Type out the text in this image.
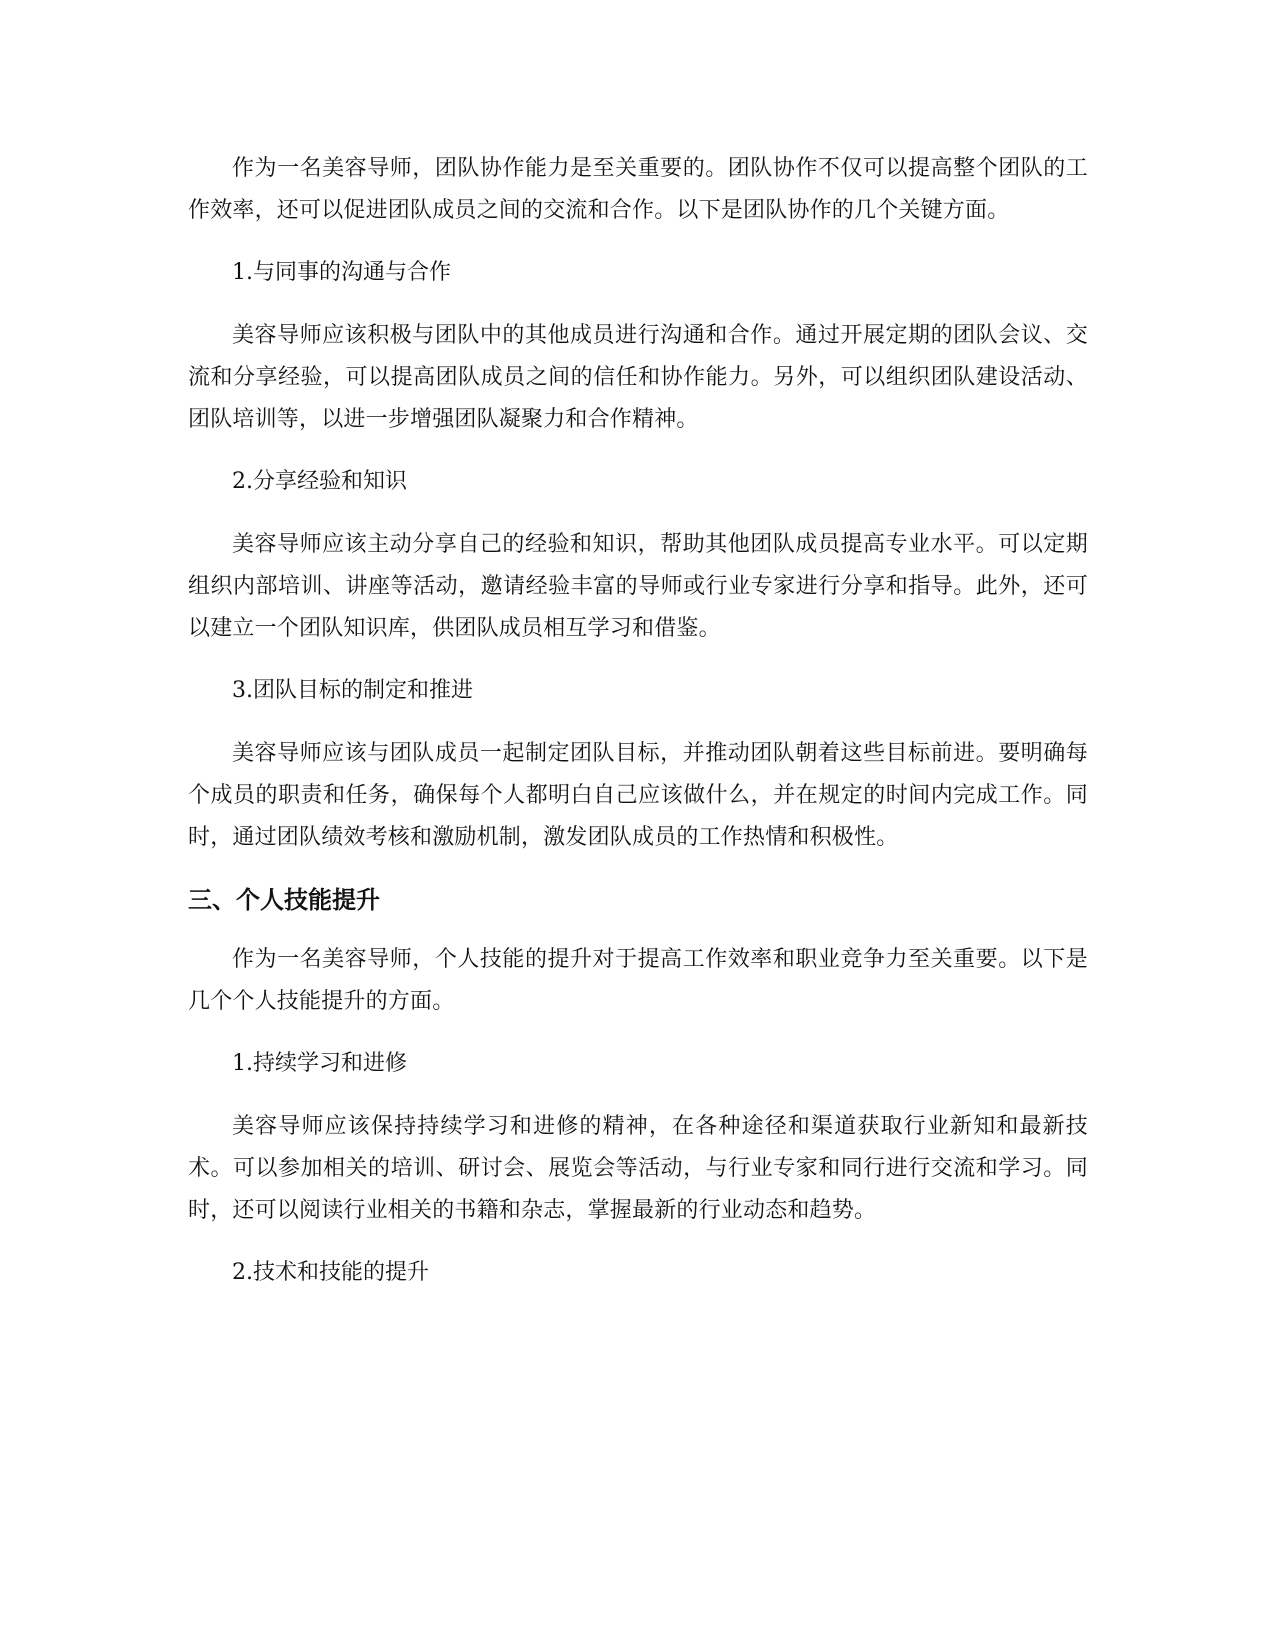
作为一名美容导师，团队协作能力是至关重要的。团队协作不仅可以提高整个团队的工作效率，还可以促进团队成员之间的交流和合作。以下是团队协作的几个关键方面。

1.与同事的沟通与合作

美容导师应该积极与团队中的其他成员进行沟通和合作。通过开展定期的团队会议、交流和分享经验，可以提高团队成员之间的信任和协作能力。另外，可以组织团队建设活动、团队培训等，以进一步增强团队凝聚力和合作精神。

2.分享经验和知识

美容导师应该主动分享自己的经验和知识，帮助其他团队成员提高专业水平。可以定期组织内部培训、讲座等活动，邀请经验丰富的导师或行业专家进行分享和指导。此外，还可以建立一个团队知识库，供团队成员相互学习和借鉴。

3.团队目标的制定和推进

美容导师应该与团队成员一起制定团队目标，并推动团队朝着这些目标前进。要明确每个成员的职责和任务，确保每个人都明白自己应该做什么，并在规定的时间内完成工作。同时，通过团队绩效考核和激励机制，激发团队成员的工作热情和积极性。

三、个人技能提升

作为一名美容导师，个人技能的提升对于提高工作效率和职业竞争力至关重要。以下是几个个人技能提升的方面。

1.持续学习和进修

美容导师应该保持持续学习和进修的精神，在各种途径和渠道获取行业新知和最新技术。可以参加相关的培训、研讨会、展览会等活动，与行业专家和同行进行交流和学习。同时，还可以阅读行业相关的书籍和杂志，掌握最新的行业动态和趋势。

2.技术和技能的提升
